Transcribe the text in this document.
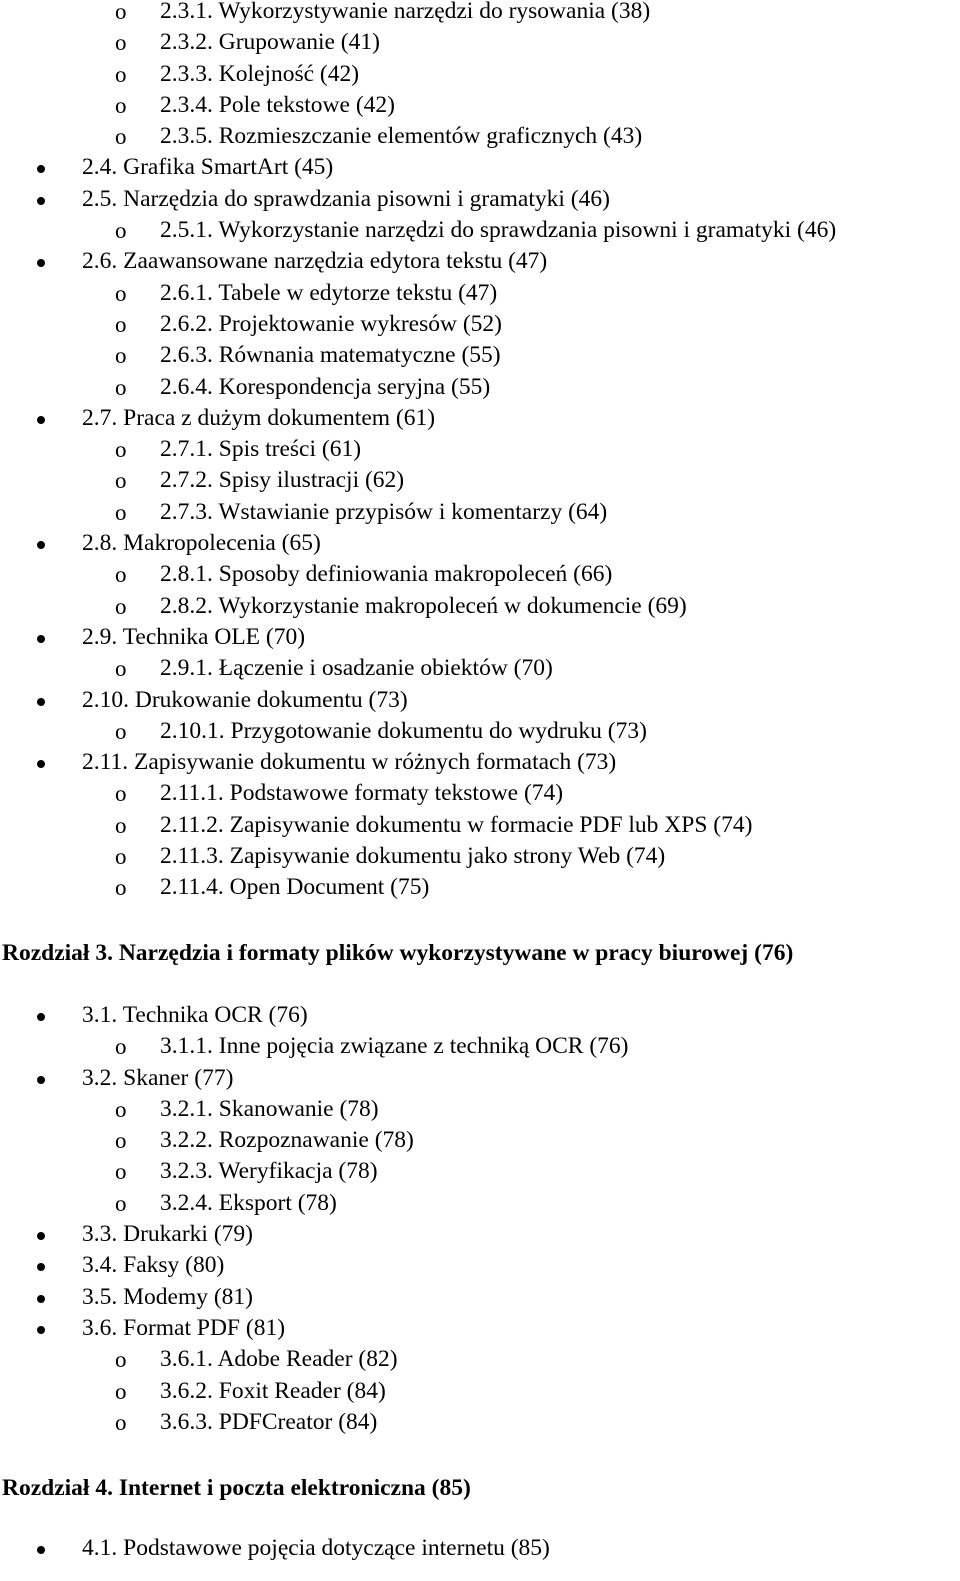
o 2.3.1. Wykorzystywanie narzędzi do rysowania (38)
o 2.3.2. Grupowanie (41)
o 2.3.3. Kolejność (42)
o 2.3.4. Pole tekstowe (42)
o 2.3.5. Rozmieszczanie elementów graficznych (43)
2.4. Grafika SmartArt (45)
2.5. Narzędzia do sprawdzania pisowni i gramatyki (46)
o 2.5.1. Wykorzystanie narzędzi do sprawdzania pisowni i gramatyki (46)
2.6. Zaawansowane narzędzia edytora tekstu (47)
o 2.6.1. Tabele w edytorze tekstu (47)
o 2.6.2. Projektowanie wykresów (52)
o 2.6.3. Równania matematyczne (55)
o 2.6.4. Korespondencja seryjna (55)
2.7. Praca z dużym dokumentem (61)
o 2.7.1. Spis treści (61)
o 2.7.2. Spisy ilustracji (62)
o 2.7.3. Wstawianie przypisów i komentarzy (64)
2.8. Makropolecenia (65)
o 2.8.1. Sposoby definiowania makropoleceń (66)
o 2.8.2. Wykorzystanie makropoleceń w dokumencie (69)
2.9. Technika OLE (70)
o 2.9.1. Łączenie i osadzanie obiektów (70)
2.10. Drukowanie dokumentu (73)
o 2.10.1. Przygotowanie dokumentu do wydruku (73)
2.11. Zapisywanie dokumentu w różnych formatach (73)
o 2.11.1. Podstawowe formaty tekstowe (74)
o 2.11.2. Zapisywanie dokumentu w formacie PDF lub XPS (74)
o 2.11.3. Zapisywanie dokumentu jako strony Web (74)
o 2.11.4. Open Document (75)
Rozdział 3. Narzędzia i formaty plików wykorzystywane w pracy biurowej (76)
3.1. Technika OCR (76)
o 3.1.1. Inne pojęcia związane z techniką OCR (76)
3.2. Skaner (77)
o 3.2.1. Skanowanie (78)
o 3.2.2. Rozpoznawanie (78)
o 3.2.3. Weryfikacja (78)
o 3.2.4. Eksport (78)
3.3. Drukarki (79)
3.4. Faksy (80)
3.5. Modemy (81)
3.6. Format PDF (81)
o 3.6.1. Adobe Reader (82)
o 3.6.2. Foxit Reader (84)
o 3.6.3. PDFCreator (84)
Rozdział 4. Internet i poczta elektroniczna (85)
4.1. Podstawowe pojęcia dotyczące internetu (85)
